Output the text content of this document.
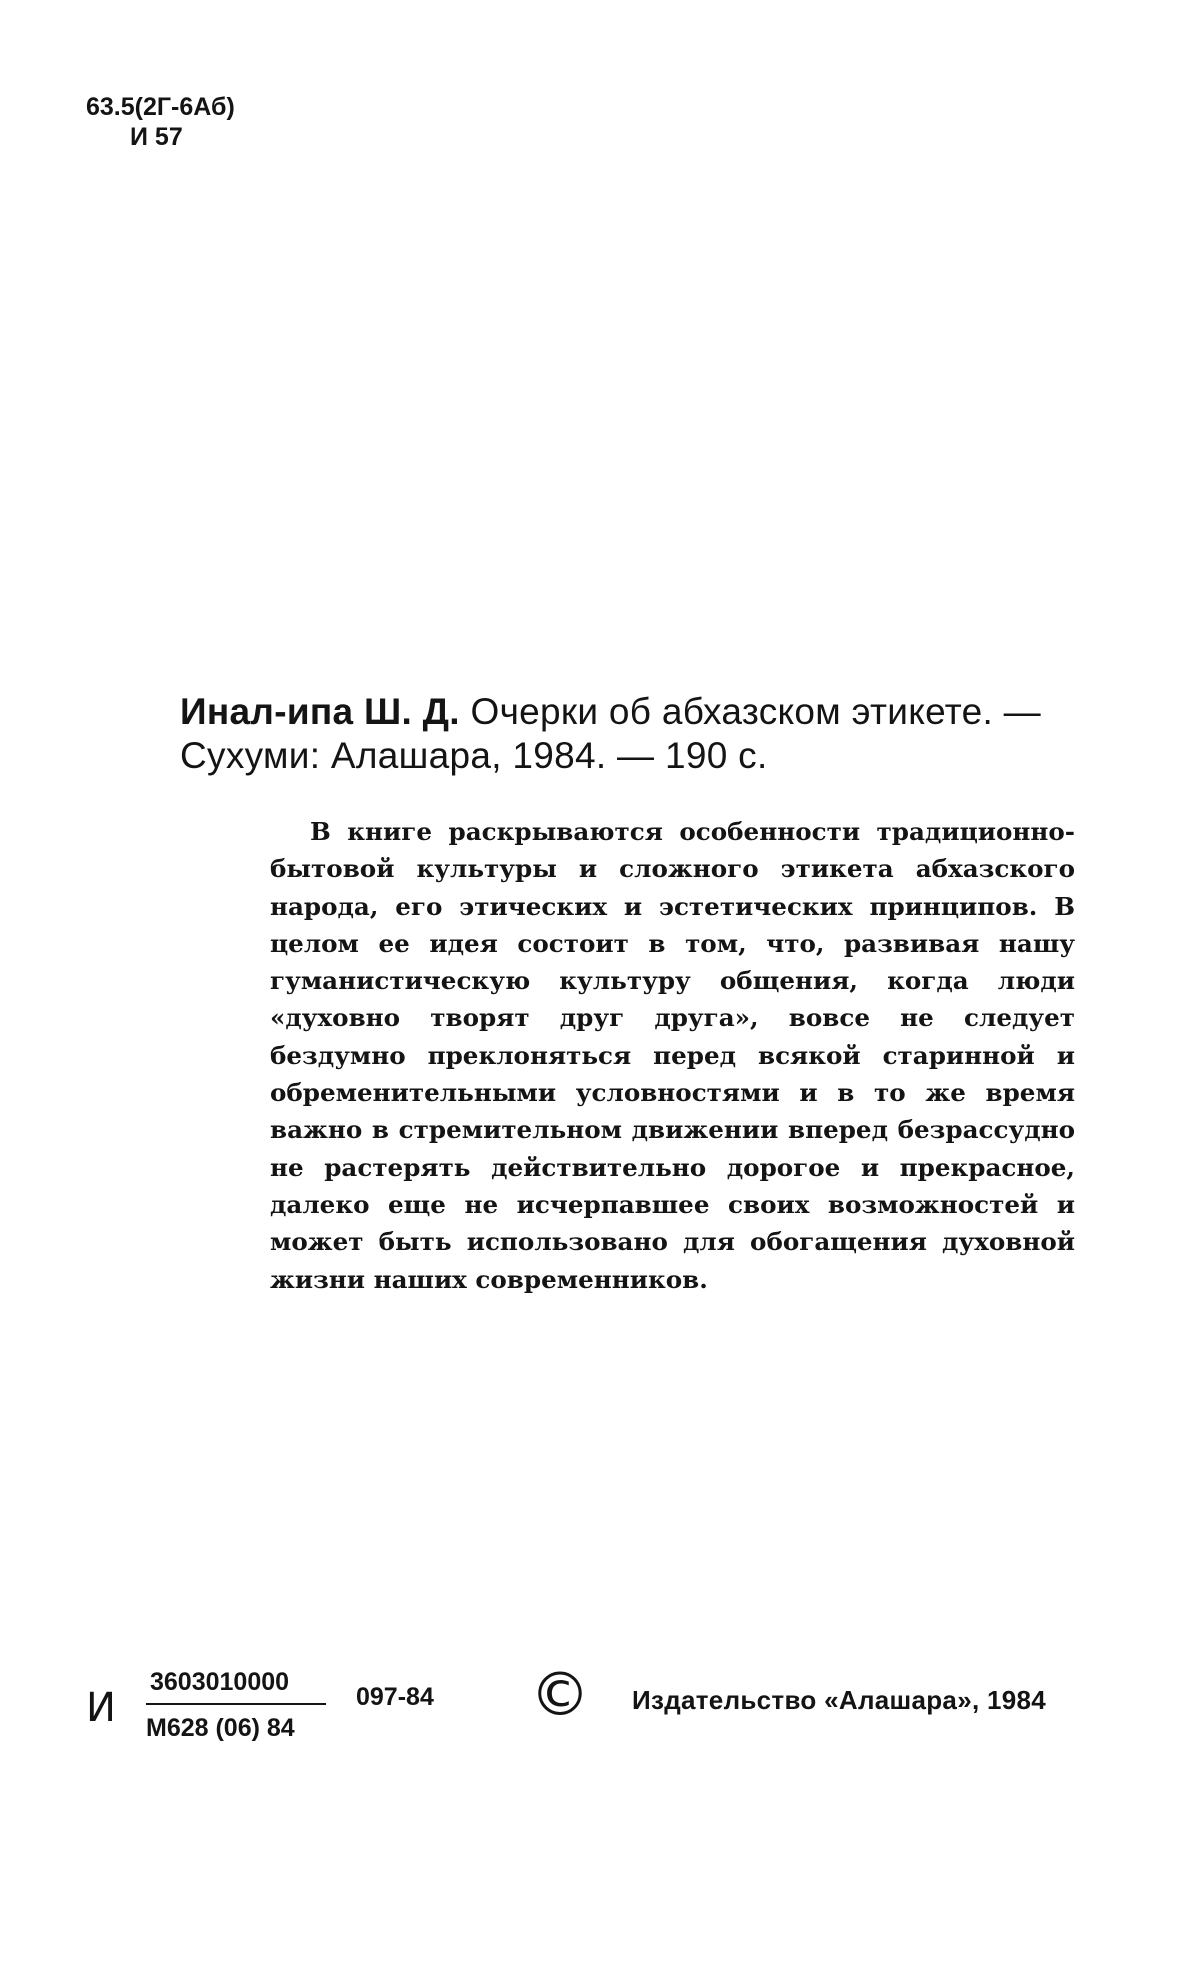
63.5(2Г-6Аб)
И 57
Инал-ипа Ш. Д. Очерки об абхазском этикете. —
Сухуми: Алашара, 1984. — 190 с.

В книге раскрываются особенности традиционно-бытовой культуры и сложного этикета абхазского народа, его этических и эстетических принципов. В целом ее идея состоит в том, что, развивая нашу гуманистическую культуру общения, когда люди «духовно творят друг друга», вовсе не следует бездумно преклоняться перед всякой старинной и обременительными условностями и в то же время важно в стремительном движении вперед безрассудно не растерять действительно дорогое и прекрасное, далеко еще не исчерпавшее своих возможностей и может быть использовано для обогащения духовной жизни наших современников.

И
3603010000
М628 (06) 84
097-84 © Издательство «Алашара», 1984
